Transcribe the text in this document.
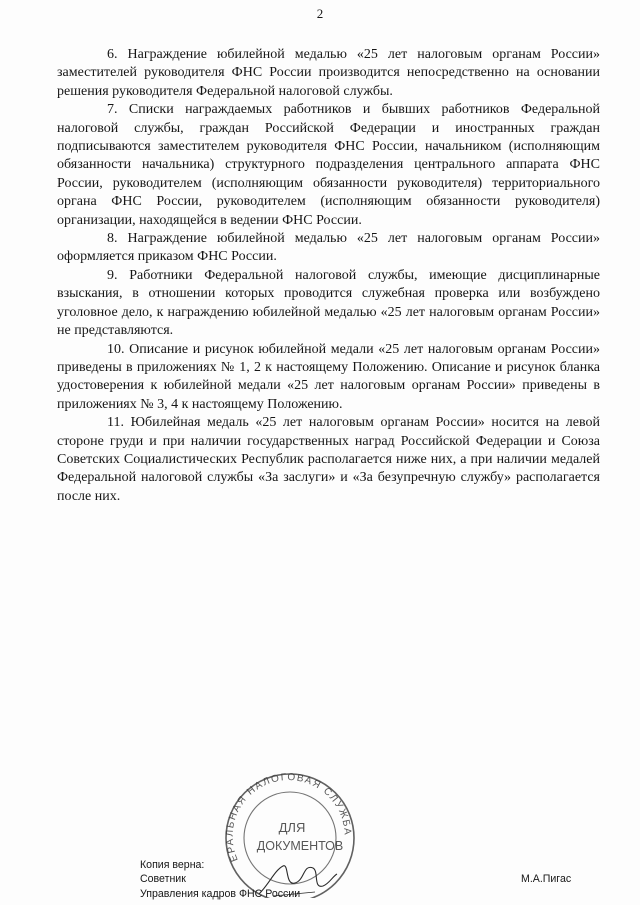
2

6. Награждение юбилейной медалью «25 лет налоговым органам России» заместителей руководителя ФНС России производится непосредственно на основании решения руководителя Федеральной налоговой службы.

7. Списки награждаемых работников и бывших работников Федеральной налоговой службы, граждан Российской Федерации и иностранных граждан подписываются заместителем руководителя ФНС России, начальником (исполняющим обязанности начальника) структурного подразделения центрального аппарата ФНС России, руководителем (исполняющим обязанности руководителя) территориального органа ФНС России, руководителем (исполняющим обязанности руководителя) организации, находящейся в ведении ФНС России.

8. Награждение юбилейной медалью «25 лет налоговым органам России» оформляется приказом ФНС России.

9. Работники Федеральной налоговой службы, имеющие дисциплинарные взыскания, в отношении которых проводится служебная проверка или возбуждено уголовное дело, к награждению юбилейной медалью «25 лет налоговым органам России» не представляются.

10. Описание и рисунок юбилейной медали «25 лет налоговым органам России» приведены в приложениях № 1, 2 к настоящему Положению. Описание и рисунок бланка удостоверения к юбилейной медали «25 лет налоговым органам России» приведены в приложениях № 3, 4 к настоящему Положению.

11. Юбилейная медаль «25 лет налоговым органам России» носится на левой стороне груди и при наличии государственных наград Российской Федерации и Союза Советских Социалистических Республик располагается ниже них, а при наличии медалей Федеральной налоговой службы «За заслуги» и «За безупречную службу» располагается после них.

ЕРАЛЬНАЯ НАЛОГОВАЯ СЛУЖБА
ДЛЯ
ДОКУМЕНТОВ
Копия верна:
Советник
Управления кадров ФНС России
М.А.Пигас
